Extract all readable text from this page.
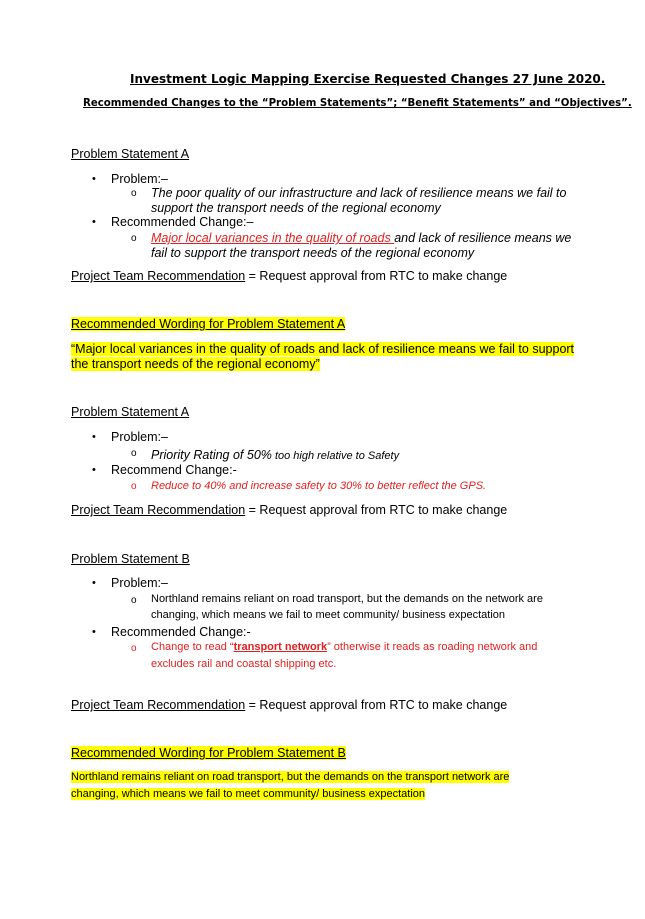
Investment Logic Mapping Exercise Requested Changes 27 June 2020.
Recommended Changes to the “Problem Statements”; “Benefit Statements” and “Objectives”.
Problem Statement A
• Problem:–
o The poor quality of our infrastructure and lack of resilience means we fail to
support the transport needs of the regional economy
• Recommended Change:–
o Major local variances in the quality of roads and lack of resilience means we
fail to support the transport needs of the regional economy
Project Team Recommendation = Request approval from RTC to make change
Recommended Wording for Problem Statement A
“Major local variances in the quality of roads and lack of resilience means we fail to support
the transport needs of the regional economy”
Problem Statement A
• Problem:–
o Priority Rating of 50% too high relative to Safety
• Recommend Change:-
o Reduce to 40% and increase safety to 30% to better reflect the GPS.
Project Team Recommendation = Request approval from RTC to make change
Problem Statement B
• Problem:–
o Northland remains reliant on road transport, but the demands on the network are
changing, which means we fail to meet community/ business expectation
• Recommended Change:-
o Change to read “transport network” otherwise it reads as roading network and
excludes rail and coastal shipping etc.
Project Team Recommendation = Request approval from RTC to make change
Recommended Wording for Problem Statement B
Northland remains reliant on road transport, but the demands on the transport network are
changing, which means we fail to meet community/ business expectation
